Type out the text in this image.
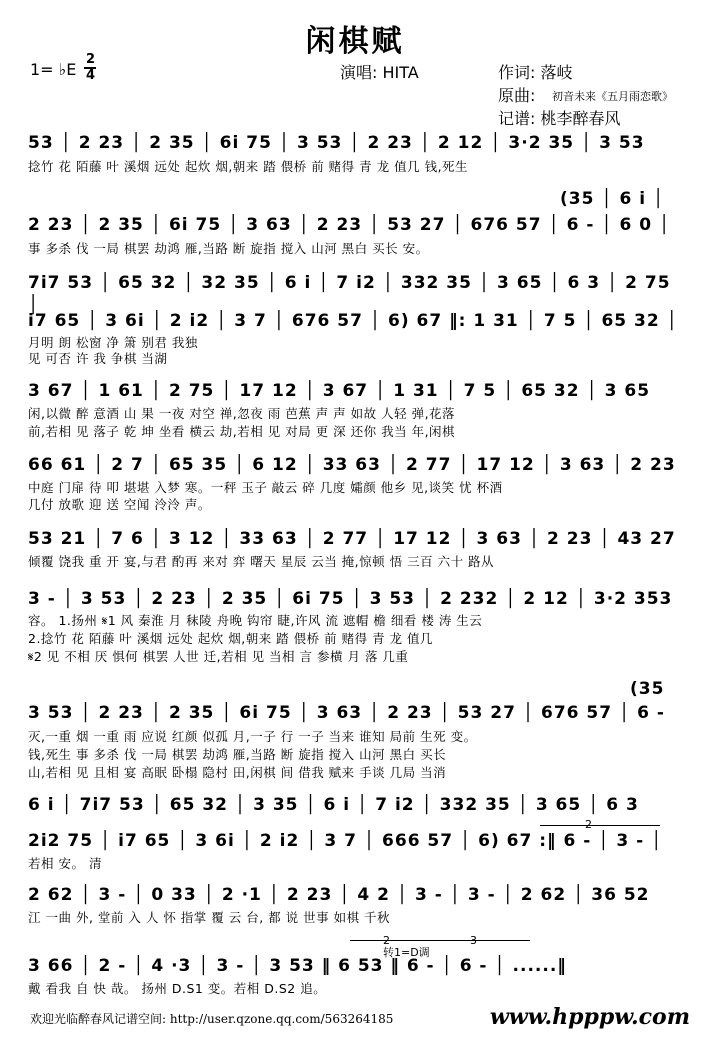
闲棋赋
1= ♭E
2
4	演唱: HITA	作词: 落岐
原曲: 初音未来《五月雨恋歌》
记谱: 桃李醉春风
53 │ 2 23 │ 2 35 │ 6i 75 │ 3 53 │ 2 23 │ 2 12 │ 3·2 35 │ 3 53
捻竹 花 陌藤 叶 溪烟 远处 起炊 烟,朝来 踏 偎桥 前 赌得 青 龙 值几 钱,死生
(35 │ 6 i │
2 23 │ 2 35 │ 6i 75 │ 3 63 │ 2 23 │ 53 27 │ 676 57 │ 6 - │ 6 0 │
事 多杀 伐 一局 棋罢 劫鸿 雁,当路 断 旋指 搅入 山河 黑白 买长 安。
7i7 53 │ 65 32 │ 32 35 │ 6 i │ 7 i2 │ 332 35 │ 3 65 │ 6 3 │ 2 75 │
i7 65 │ 3 6i │ 2 i2 │ 3 7 │ 676 57 │ 6) 67 ‖: 1 31 │ 7 5 │ 65 32 │
月明 朗 松窗 净 箫 别君 我独
见 可否 许 我 争棋 当湖
3 67 │ 1 61 │ 2 75 │ 17 12 │ 3 67 │ 1 31 │ 7 5 │ 65 32 │ 3 65
闲,以微 醉 意酒 山 果 一夜 对空 禅,忽夜 雨 芭蕉 声 声 如故 人轻 弹,花落
前,若相 见 落子 乾 坤 坐看 横云 劫,若相 见 对局 更 深 还你 我当 年,闲棋
66 61 │ 2 7 │ 65 35 │ 6 12 │ 33 63 │ 2 77 │ 17 12 │ 3 63 │ 2 23
中庭 门扉 待 叩 堪堪 入梦 寒。一秤 玉子 敲云 碎 几度 孀颜 他乡 见,谈笑 忧 杯酒
几付 放歌 迎 送 空闻 泠泠 声。
53 21 │ 7 6 │ 3 12 │ 33 63 │ 2 77 │ 17 12 │ 3 63 │ 2 23 │ 43 27
倾覆 饶我 重 开 宴,与君 酌再 来对 弈 曙天 星辰 云当 掩,惊顿 悟 三百 六十 路从
3 - │ 3 53 │ 2 23 │ 2 35 │ 6i 75 │ 3 53 │ 2 232 │ 2 12 │ 3·2 353
容。 1.扬州 𝄋1 风 秦淮 月 秣陵 舟晚 钩帘 睫,许风 流 遮帽 檐 细看 楼 涛 生云
2.捻竹 花 陌藤 叶 溪烟 远处 起炊 烟,朝来 踏 偎桥 前 赌得 青 龙 值几
𝄋2 见 不相 厌 惧何 棋罢 人世 迁,若相 见 当相 言 参横 月 落 几重
(35
3 53 │ 2 23 │ 2 35 │ 6i 75 │ 3 63 │ 2 23 │ 53 27 │ 676 57 │ 6 -
灭,一重 烟 一重 雨 应说 红颜 似孤 月,一子 行 一子 当来 谁知 局前 生死 变。
钱,死生 事 多杀 伐 一局 棋罢 劫鸿 雁,当路 断 旋指 搅入 山河 黑白 买长
山,若相 见 且相 宴 高眠 卧榻 隐村 田,闲棋 间 借我 赋来 手谈 几局 当消
6 i │ 7i7 53 │ 65 32 │ 3 35 │ 6 i │ 7 i2 │ 332 35 │ 3 65 │ 6 3
2i2 75 │ i7 65 │ 3 6i │ 2 i2 │ 3 7 │ 666 57 │ 6) 67 :‖ 6 - │ 3 - │
若相 安。 清
2 62 │ 3 - │ 0 33 │ 2 ·1 │ 2 23 │ 4 2 │ 3 - │ 3 - │ 2 62 │ 36 52
江 一曲 外, 堂前 入 人 怀 指掌 覆 云 台, 都 说 世事 如棋 千秋
转1=D调
3 66 │ 2 - │ 4 ·3 │ 3 - │ 3 53 ‖ 6 53 ‖ 6 - │ 6 - │ ......‖
戴 看我 自 快 哉。 扬州 D.S1 变。若相 D.S2 追。
欢迎光临醉春风记谱空间: http://user.qzone.qq.com/563264185	www.hpppw.com
